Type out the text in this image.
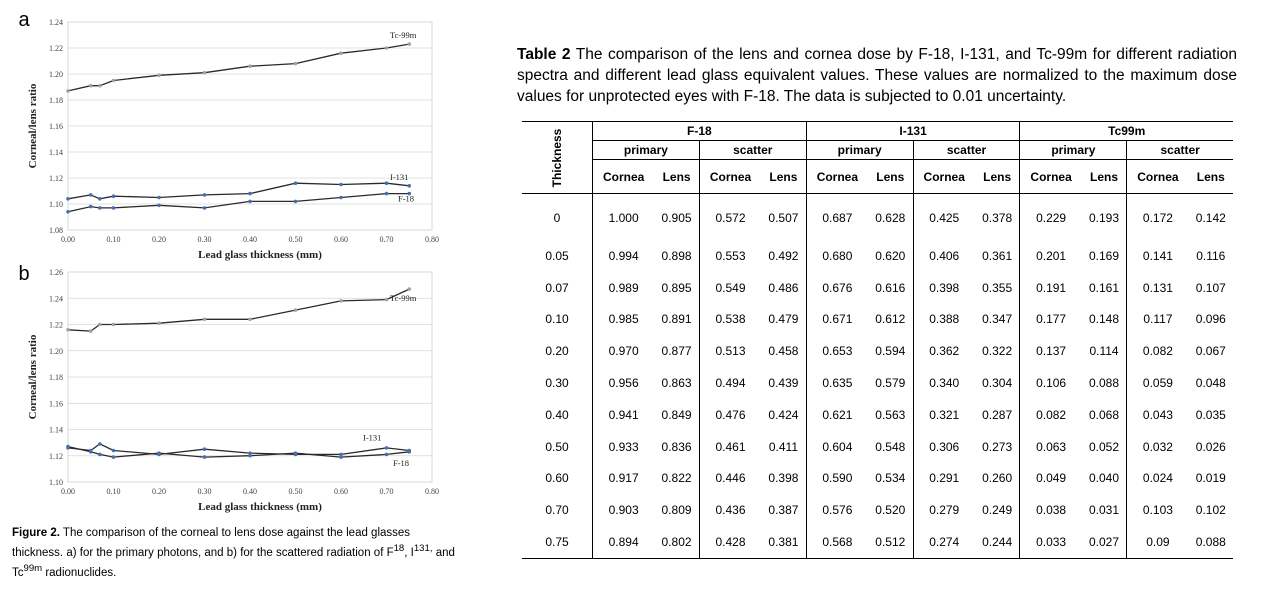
a
1.08
1.10
1.12
1.14
1.16
1.18
1.20
1.22
1.24
0.00	0.10	0.20	0.30	0.40	0.50	0.60	0.70	0.80
Lead glass thickness (mm)
Corneal/lens ratio
Tc-99m
I-131
F-18
b
1.10
1.12
1.14
1.16
1.18
1.20
1.22
1.24
1.26
0.00	0.10	0.20	0.30	0.40	0.50	0.60	0.70	0.80
Lead glass thickness (mm)
Corneal/lens ratio
Tc-99m
I-131
F-18
Figure 2. The comparison of the corneal to lens dose against the lead glasses thickness. a) for the primary photons, and b) for the scattered radiation of $F^{18}$, $I^{131,}$ and $Tc^{99m}$ radionuclides.
Table 2 The comparison of the lens and cornea dose by F-18, I-131, and Tc-99m for different radiation spectra and different lead glass equivalent values. These values are normalized to the maximum dose values for unprotected eyes with F-18. The data is subjected to 0.01 uncertainty.
Thickness	F-18				I-131				Tc99m			
	primary		scatter		primary		scatter		primary		scatter	
	Cornea	Lens	Cornea	Lens	Cornea	Lens	Cornea	Lens	Cornea	Lens	Cornea	Lens
0	1.000	0.905	0.572	0.507	0.687	0.628	0.425	0.378	0.229	0.193	0.172	0.142
0.05	0.994	0.898	0.553	0.492	0.680	0.620	0.406	0.361	0.201	0.169	0.141	0.116
0.07	0.989	0.895	0.549	0.486	0.676	0.616	0.398	0.355	0.191	0.161	0.131	0.107
0.10	0.985	0.891	0.538	0.479	0.671	0.612	0.388	0.347	0.177	0.148	0.117	0.096
0.20	0.970	0.877	0.513	0.458	0.653	0.594	0.362	0.322	0.137	0.114	0.082	0.067
0.30	0.956	0.863	0.494	0.439	0.635	0.579	0.340	0.304	0.106	0.088	0.059	0.048
0.40	0.941	0.849	0.476	0.424	0.621	0.563	0.321	0.287	0.082	0.068	0.043	0.035
0.50	0.933	0.836	0.461	0.411	0.604	0.548	0.306	0.273	0.063	0.052	0.032	0.026
0.60	0.917	0.822	0.446	0.398	0.590	0.534	0.291	0.260	0.049	0.040	0.024	0.019
0.70	0.903	0.809	0.436	0.387	0.576	0.520	0.279	0.249	0.038	0.031	0.103	0.102
0.75	0.894	0.802	0.428	0.381	0.568	0.512	0.274	0.244	0.033	0.027	0.09	0.088
